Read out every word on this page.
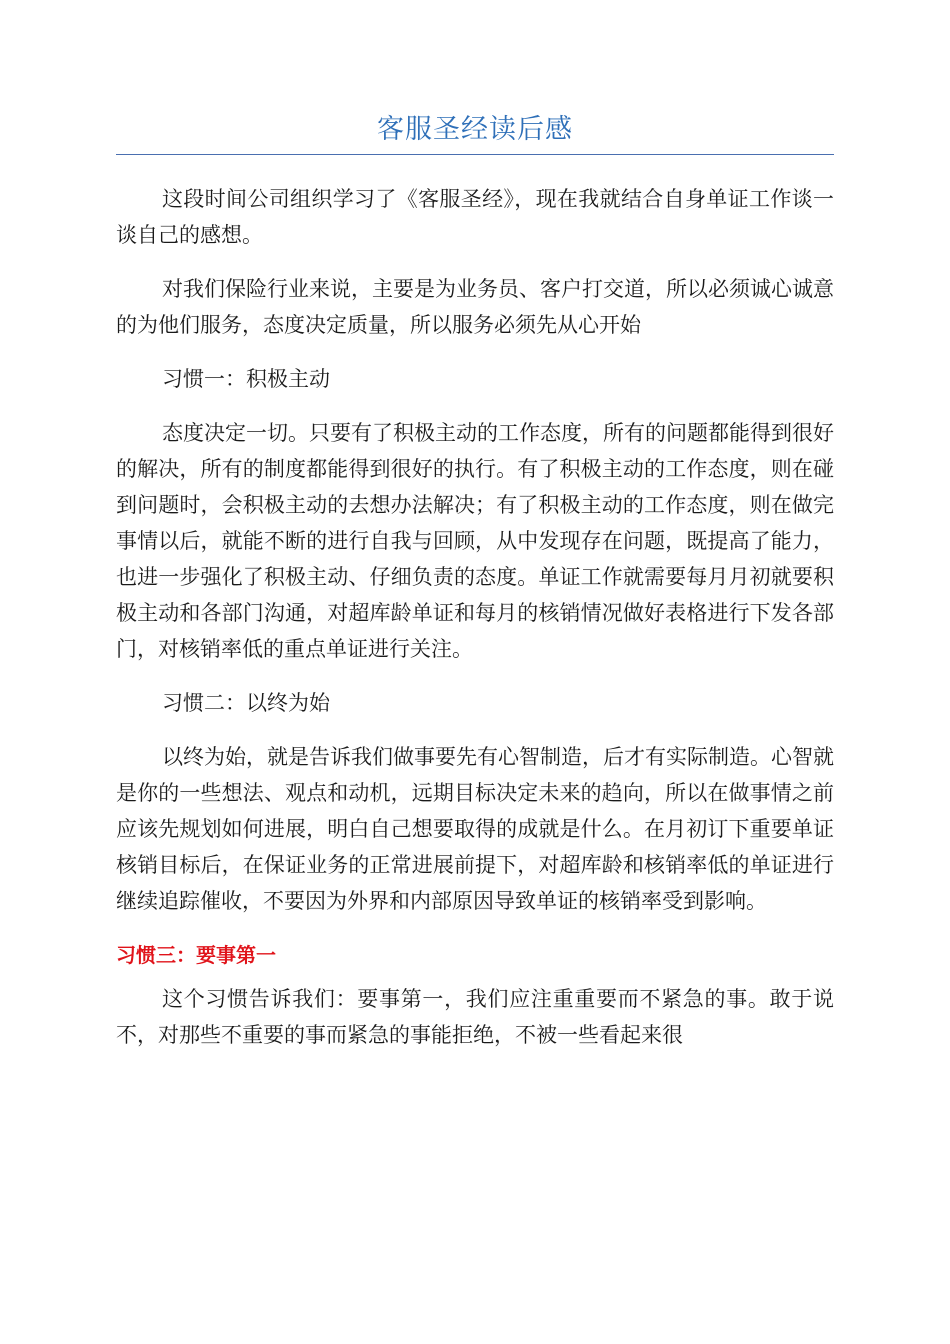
客服圣经读后感

这段时间公司组织学习了《客服圣经》，现在我就结合自身单证工作谈一谈自己的感想。

对我们保险行业来说，主要是为业务员、客户打交道，所以必须诚心诚意的为他们服务，态度决定质量，所以服务必须先从心开始

习惯一：积极主动

态度决定一切。只要有了积极主动的工作态度，所有的问题都能得到很好的解决，所有的制度都能得到很好的执行。有了积极主动的工作态度，则在碰到问题时，会积极主动的去想办法解决；有了积极主动的工作态度，则在做完事情以后，就能不断的进行自我与回顾，从中发现存在问题，既提高了能力，也进一步强化了积极主动、仔细负责的态度。单证工作就需要每月月初就要积极主动和各部门沟通，对超库龄单证和每月的核销情况做好表格进行下发各部门，对核销率低的重点单证进行关注。

习惯二：以终为始

以终为始，就是告诉我们做事要先有心智制造，后才有实际制造。心智就是你的一些想法、观点和动机，远期目标决定未来的趋向，所以在做事情之前应该先规划如何进展，明白自己想要取得的成就是什么。在月初订下重要单证核销目标后，在保证业务的正常进展前提下，对超库龄和核销率低的单证进行继续追踪催收，不要因为外界和内部原因导致单证的核销率受到影响。

习惯三：要事第一

这个习惯告诉我们：要事第一，我们应注重重要而不紧急的事。敢于说不，对那些不重要的事而紧急的事能拒绝，不被一些看起来很
